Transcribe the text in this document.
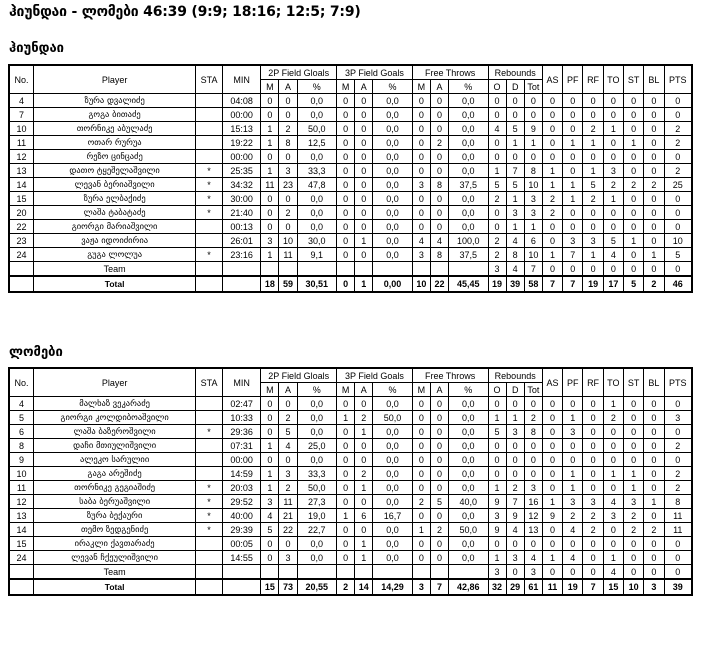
ჰიუნდაი - ლომები 46:39 (9:9; 18:16; 12:5; 7:9)
ჰიუნდაი
No.	Player	STA	MIN	2P Field Gloals			3P Field Goals			Free Throws			Rebounds			AS	PF	RF	TO	ST	BL	PTS
				M	A	%	M	A	%	M	A	%	O	D	Tot							
4	ზურა დვალიძე		04:08	0	0	0,0	0	0	0,0	0	0	0,0	0	0	0	0	0	0	0	0	0	0
7	გოგა ბითაძე		00:00	0	0	0,0	0	0	0,0	0	0	0,0	0	0	0	0	0	0	0	0	0	0
10	თორნიკე აბულაძე		15:13	1	2	50,0	0	0	0,0	0	0	0,0	4	5	9	0	0	2	1	0	0	2
11	ოთარ რურუა		19:22	1	8	12,5	0	0	0,0	0	2	0,0	0	1	1	0	1	1	0	1	0	2
12	რეზო ცინცაძე		00:00	0	0	0,0	0	0	0,0	0	0	0,0	0	0	0	0	0	0	0	0	0	0
13	დათო ტყეშელაშვილი	*	25:35	1	3	33,3	0	0	0,0	0	0	0,0	1	7	8	1	0	1	3	0	0	2
14	ლევან ბერიაშვილი	*	34:32	11	23	47,8	0	0	0,0	3	8	37,5	5	5	10	1	1	5	2	2	2	25
15	ზურა ელბაქიძე	*	30:00	0	0	0,0	0	0	0,0	0	0	0,0	2	1	3	2	1	2	1	0	0	0
20	ლაშა ტაბატაძე	*	21:40	0	2	0,0	0	0	0,0	0	0	0,0	0	3	3	2	0	0	0	0	0	0
22	გიორგი მარიაშვილი		00:13	0	0	0,0	0	0	0,0	0	0	0,0	0	1	1	0	0	0	0	0	0	0
23	ვაჟა იდოიძირია		26:01	3	10	30,0	0	1	0,0	4	4	100,0	2	4	6	0	3	3	5	1	0	10
24	გუგა ლოლუა	*	23:16	1	11	9,1	0	0	0,0	3	8	37,5	2	8	10	1	7	1	4	0	1	5
	Team												3	4	7	0	0	0	0	0	0	0
	Total			18	59	30,51	0	1	0,00	10	22	45,45	19	39	58	7	7	19	17	5	2	46
ლომები
No.	Player	STA	MIN	2P Field Gloals			3P Field Goals			Free Throws			Rebounds			AS	PF	RF	TO	ST	BL	PTS
				M	A	%	M	A	%	M	A	%	O	D	Tot							
4	მალხაზ ვეკარაძე		02:47	0	0	0,0	0	0	0,0	0	0	0,0	0	0	0	0	0	0	1	0	0	0
5	გიორგი კოლდიბოაშვილი		10:33	0	2	0,0	1	2	50,0	0	0	0,0	1	1	2	0	1	0	2	0	0	3
6	ლაშა ბაზეროშვილი	*	29:36	0	5	0,0	0	1	0,0	0	0	0,0	5	3	8	0	3	0	0	0	0	0
8	დაჩი მთიულიშვილი		07:31	1	4	25,0	0	0	0,0	0	0	0,0	0	0	0	0	0	0	0	0	0	2
9	ალეკო სარულიი		00:00	0	0	0,0	0	0	0,0	0	0	0,0	0	0	0	0	0	0	0	0	0	0
10	გაგა არეშიძე		14:59	1	3	33,3	0	2	0,0	0	0	0,0	0	0	0	0	1	0	1	1	0	2
11	თორნიკე გეგიაშიძე	*	20:03	1	2	50,0	0	1	0,0	0	0	0,0	1	2	3	0	1	0	0	1	0	2
12	საბა ბერუაშვილი	*	29:52	3	11	27,3	0	0	0,0	2	5	40,0	9	7	16	1	3	3	4	3	1	8
13	ზურა ბექაური	*	40:00	4	21	19,0	1	6	16,7	0	0	0,0	3	9	12	9	2	2	3	2	0	11
14	თემო ზედგენიძე	*	29:39	5	22	22,7	0	0	0,0	1	2	50,0	9	4	13	0	4	2	0	2	2	11
15	ირაკლი ქავთარაძე		00:05	0	0	0,0	0	1	0,0	0	0	0,0	0	0	0	0	0	0	0	0	0	0
24	ლევან ჩქეულიშვილი		14:55	0	3	0,0	0	1	0,0	0	0	0,0	1	3	4	1	4	0	1	0	0	0
	Team												3	0	3	0	0	0	4	0	0	0
	Total			15	73	20,55	2	14	14,29	3	7	42,86	32	29	61	11	19	7	15	10	3	39
